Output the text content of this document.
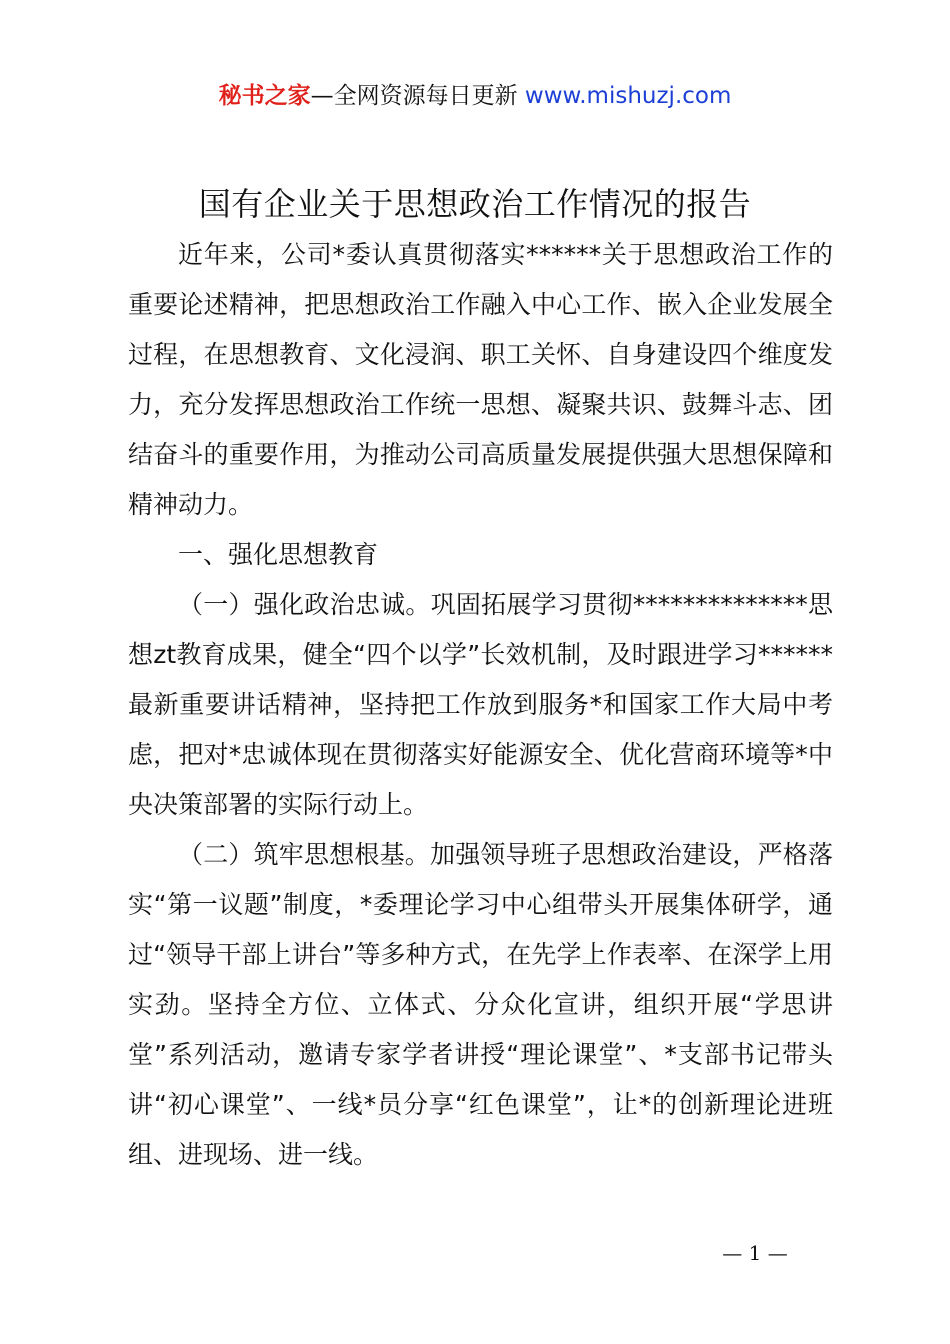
秘书之家—全网资源每日更新 www.mishuzj.com
国有企业关于思想政治工作情况的报告

近年来，公司*委认真贯彻落实******关于思想政治工作的重要论述精神，把思想政治工作融入中心工作、嵌入企业发展全过程，在思想教育、文化浸润、职工关怀、自身建设四个维度发力，充分发挥思想政治工作统一思想、凝聚共识、鼓舞斗志、团结奋斗的重要作用，为推动公司高质量发展提供强大思想保障和精神动力。

一、强化思想教育

（一）强化政治忠诚。巩固拓展学习贯彻**************思想zt教育成果，健全“四个以学”长效机制，及时跟进学习******最新重要讲话精神，坚持把工作放到服务*和国家工作大局中考虑，把对*忠诚体现在贯彻落实好能源安全、优化营商环境等*中央决策部署的实际行动上。

（二）筑牢思想根基。加强领导班子思想政治建设，严格落实“第一议题”制度，*委理论学习中心组带头开展集体研学，通过“领导干部上讲台”等多种方式，在先学上作表率、在深学上用实劲。坚持全方位、立体式、分众化宣讲，组织开展“学思讲堂”系列活动，邀请专家学者讲授“理论课堂”、*支部书记带头讲“初心课堂”、一线*员分享“红色课堂”，让*的创新理论进班组、进现场、进一线。

— 1 —
